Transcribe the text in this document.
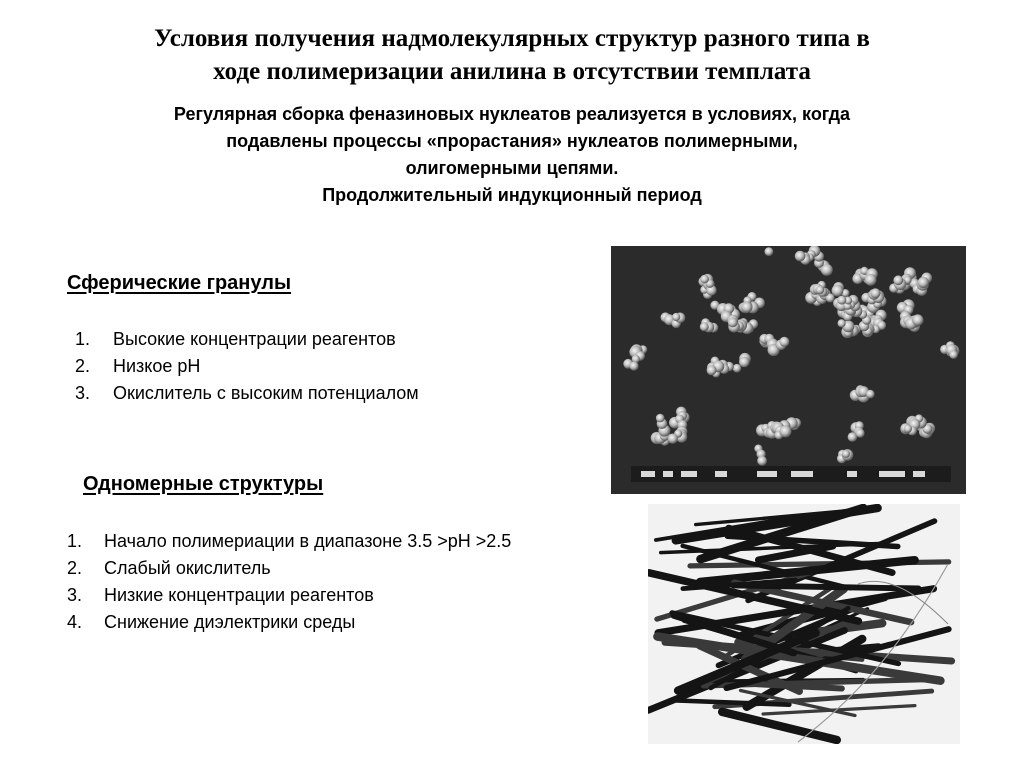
Условия получения надмолекулярных структур разного типа в
ходе полимеризации анилина в отсутствии темплата
Регулярная сборка феназиновых нуклеатов реализуется в условиях, когда
подавлены процессы «прорастания» нуклеатов полимерными,
олигомерными цепями.
Продолжительный индукционный период
Сферические гранулы
1.	Высокие концентрации реагентов
2.	Низкое pH
3.	Окислитель с высоким потенциалом
Одномерные структуры
1.	Начало полимериации в диапазоне 3.5 >pH >2.5
2.	Слабый окислитель
3.	Низкие концентрации реагентов
4.	Снижение диэлектрики среды
